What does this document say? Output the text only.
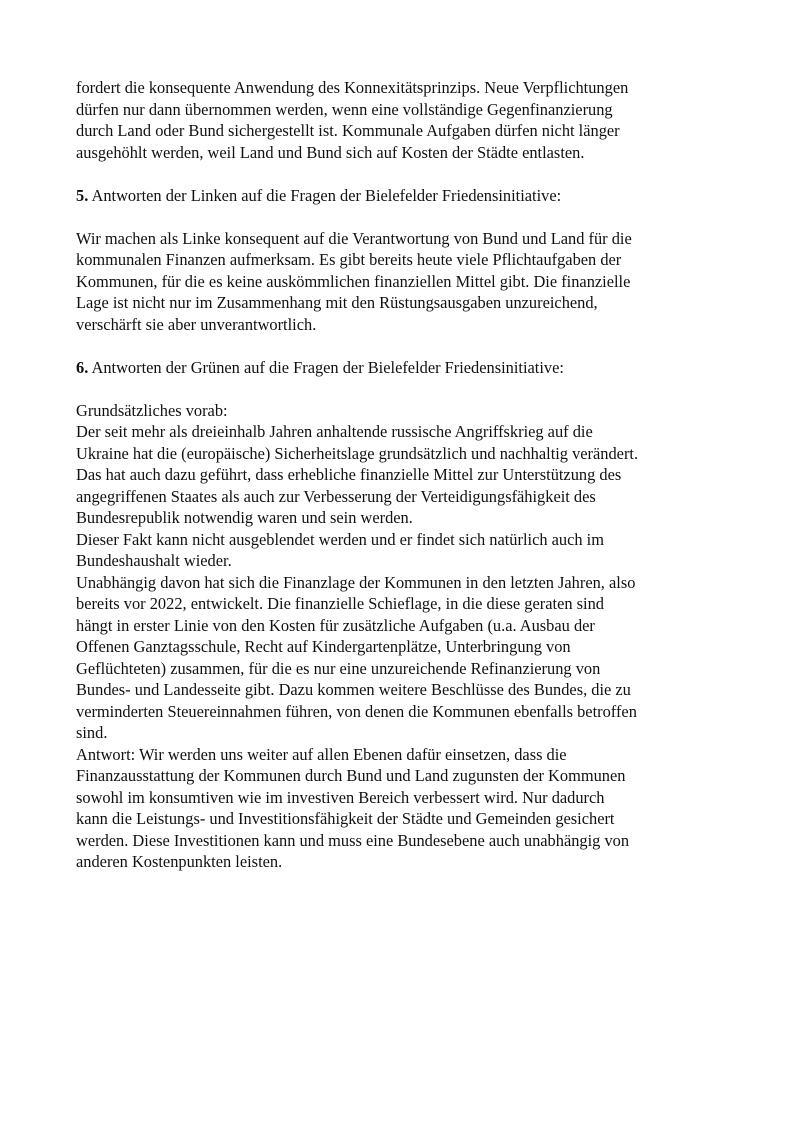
fordert die konsequente Anwendung des Konnexitätsprinzips. Neue Verpflichtungen
dürfen nur dann übernommen werden, wenn eine vollständige Gegenfinanzierung
durch Land oder Bund sichergestellt ist. Kommunale Aufgaben dürfen nicht länger
ausgehöhlt werden, weil Land und Bund sich auf Kosten der Städte entlasten.
5. Antworten der Linken auf die Fragen der Bielefelder Friedensinitiative:
Wir machen als Linke konsequent auf die Verantwortung von Bund und Land für die
kommunalen Finanzen aufmerksam. Es gibt bereits heute viele Pflichtaufgaben der
Kommunen, für die es keine auskömmlichen finanziellen Mittel gibt. Die finanzielle
Lage ist nicht nur im Zusammenhang mit den Rüstungsausgaben unzureichend,
verschärft sie aber unverantwortlich.
6. Antworten der Grünen auf die Fragen der Bielefelder Friedensinitiative:
Grundsätzliches vorab:
Der seit mehr als dreieinhalb Jahren anhaltende russische Angriffskrieg auf die
Ukraine hat die (europäische) Sicherheitslage grundsätzlich und nachhaltig verändert.
Das hat auch dazu geführt, dass erhebliche finanzielle Mittel zur Unterstützung des
angegriffenen Staates als auch zur Verbesserung der Verteidigungsfähigkeit des
Bundesrepublik notwendig waren und sein werden.
Dieser Fakt kann nicht ausgeblendet werden und er findet sich natürlich auch im
Bundeshaushalt wieder.
Unabhängig davon hat sich die Finanzlage der Kommunen in den letzten Jahren, also
bereits vor 2022, entwickelt. Die finanzielle Schieflage, in die diese geraten sind
hängt in erster Linie von den Kosten für zusätzliche Aufgaben (u.a. Ausbau der
Offenen Ganztagsschule, Recht auf Kindergartenplätze, Unterbringung von
Geflüchteten) zusammen, für die es nur eine unzureichende Refinanzierung von
Bundes- und Landesseite gibt. Dazu kommen weitere Beschlüsse des Bundes, die zu
verminderten Steuereinnahmen führen, von denen die Kommunen ebenfalls betroffen
sind.
Antwort: Wir werden uns weiter auf allen Ebenen dafür einsetzen, dass die
Finanzausstattung der Kommunen durch Bund und Land zugunsten der Kommunen
sowohl im konsumtiven wie im investiven Bereich verbessert wird. Nur dadurch
kann die Leistungs- und Investitionsfähigkeit der Städte und Gemeinden gesichert
werden. Diese Investitionen kann und muss eine Bundesebene auch unabhängig von
anderen Kostenpunkten leisten.
